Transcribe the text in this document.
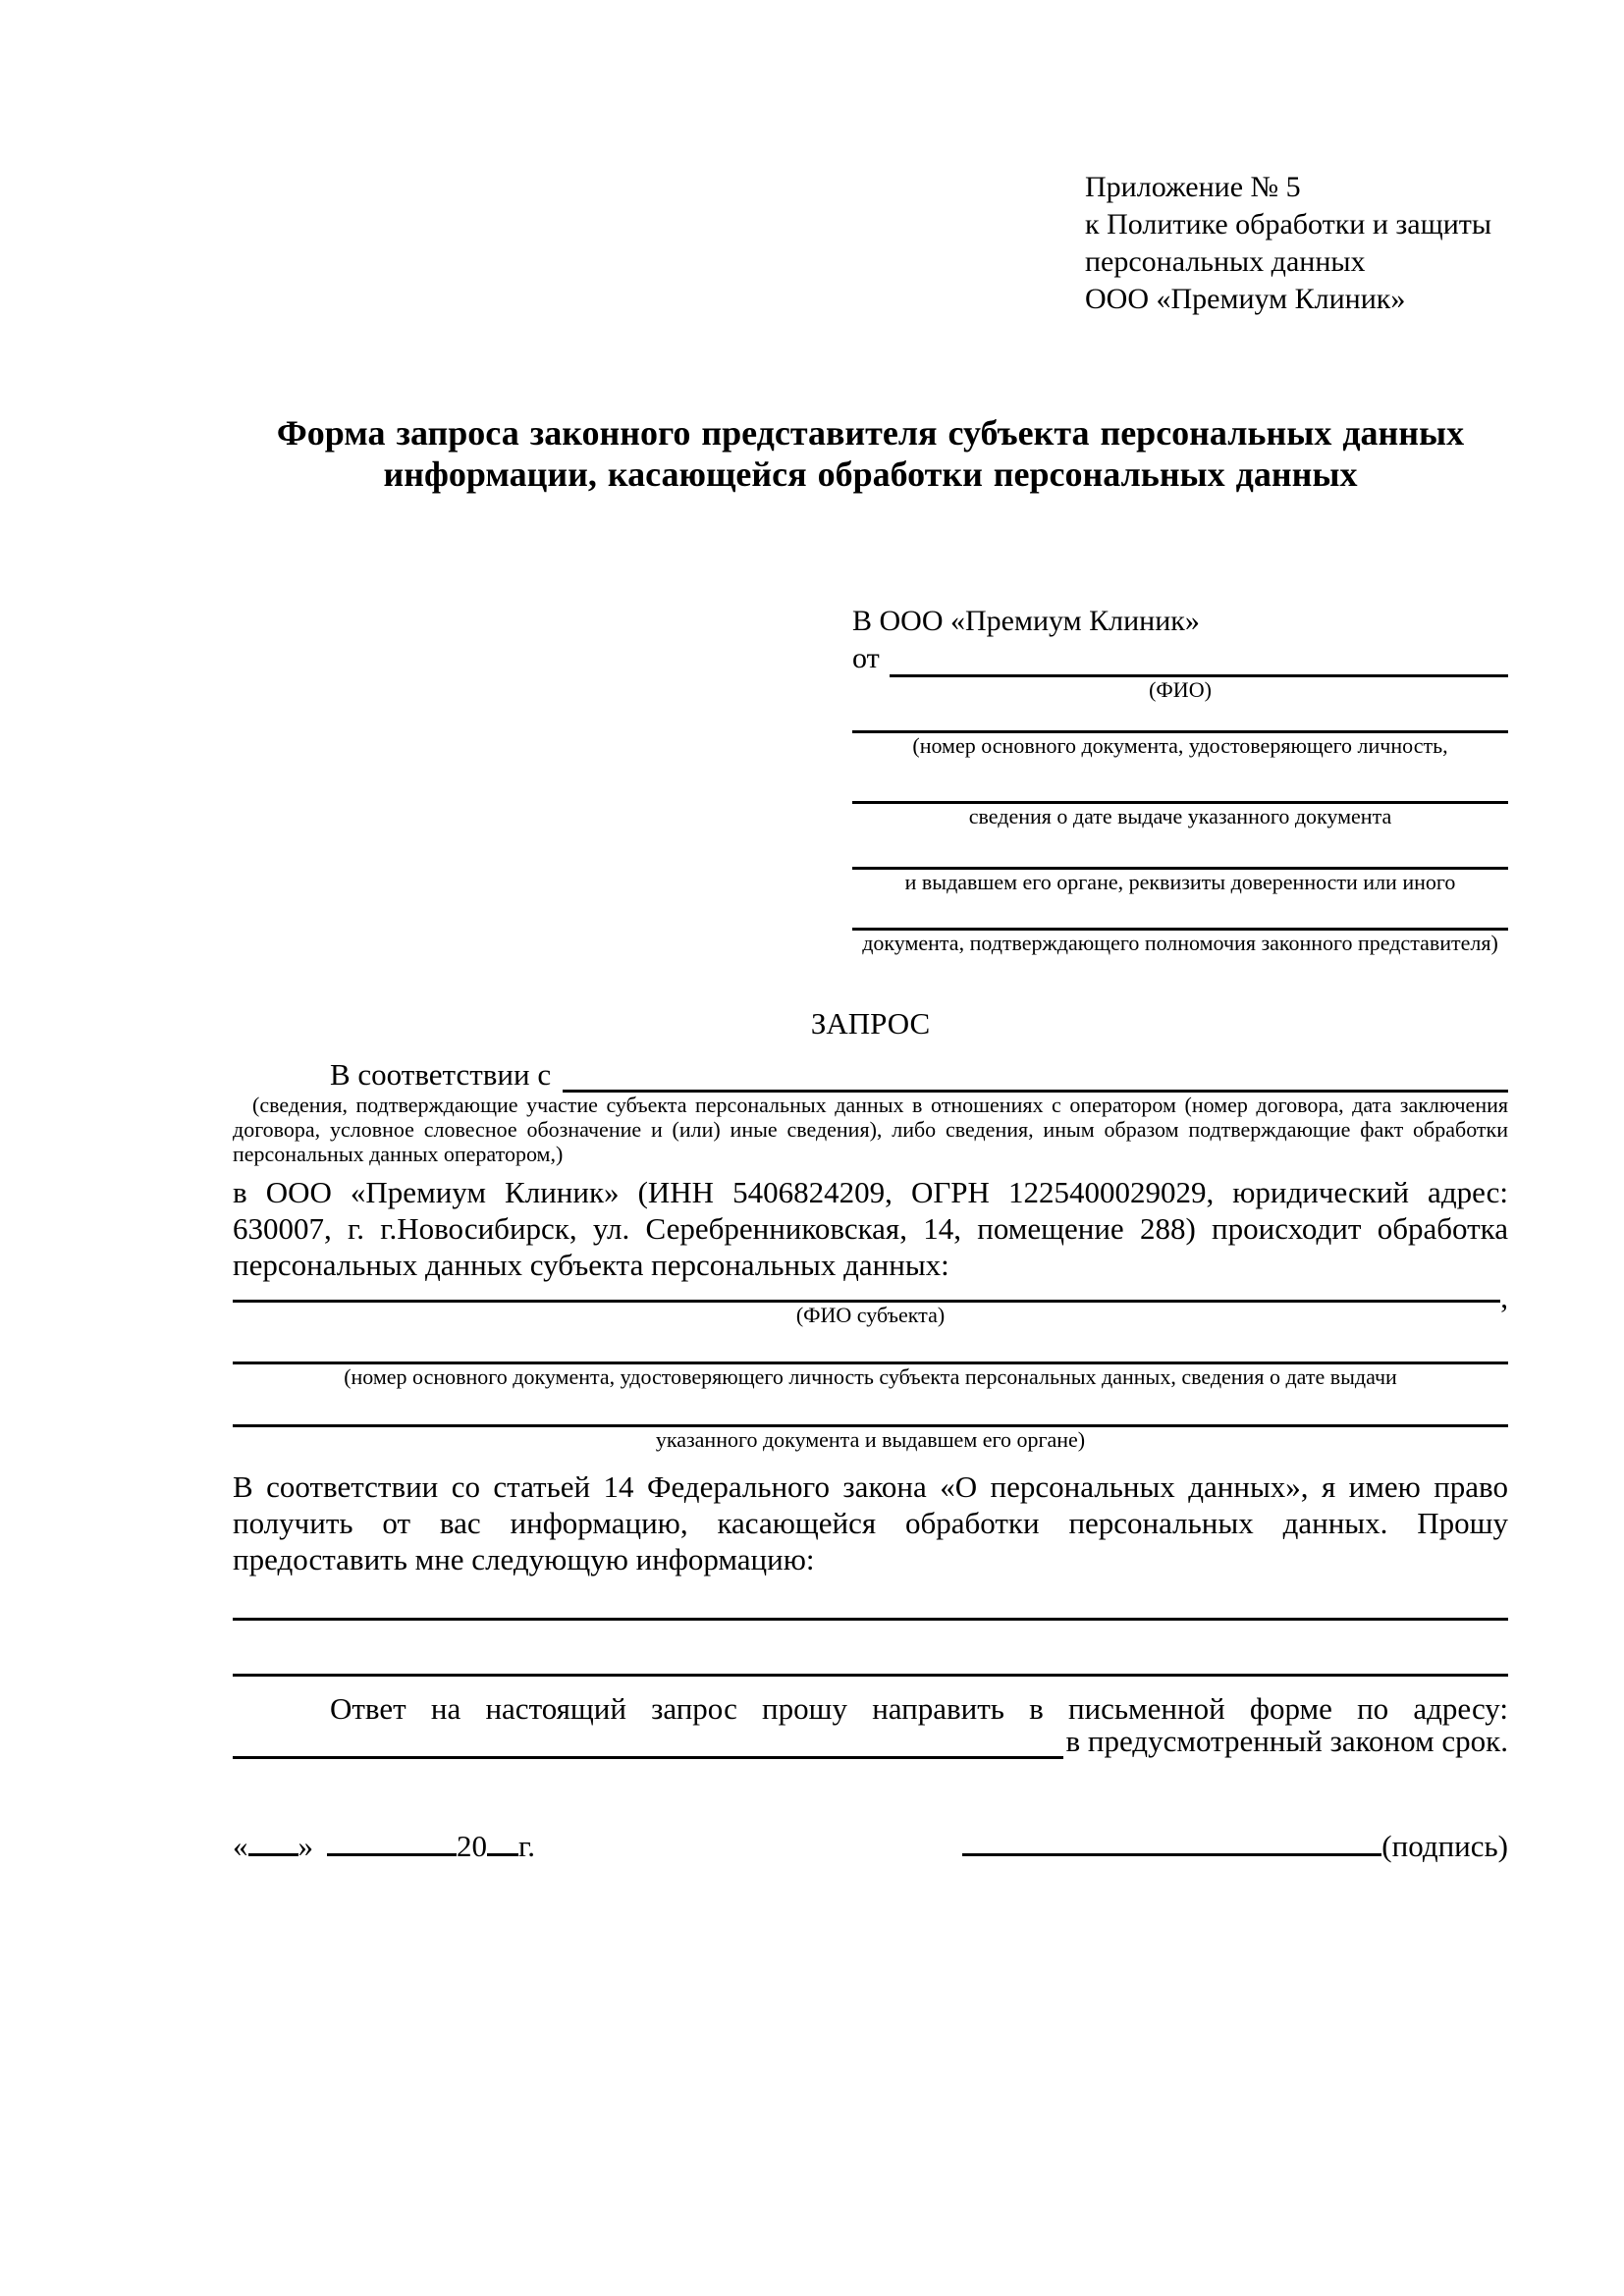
Приложение № 5
к Политике обработки и защиты
персональных данных
ООО «Премиум Клиник»
Форма запроса законного представителя субъекта персональных данных
информации, касающейся обработки персональных данных
В ООО «Премиум Клиник»
от
(ФИО)
(номер основного документа, удостоверяющего личность,
сведения о дате выдаче указанного документа
и выдавшем его органе, реквизиты доверенности или иного
документа, подтверждающего полномочия законного представителя)
ЗАПРОС
В соответствии с
(сведения, подтверждающие участие субъекта персональных данных в отношениях с оператором (номер договора, дата заключения договора, условное словесное обозначение и (или) иные сведения), либо сведения, иным образом подтверждающие факт обработки персональных данных оператором,)
в ООО «Премиум Клиник» (ИНН 5406824209, ОГРН 1225400029029, юридический адрес: 630007, г. г.Новосибирск, ул. Серебренниковская, 14, помещение 288) происходит обработка персональных данных субъекта персональных данных:
,
(ФИО субъекта)
(номер основного документа, удостоверяющего личность субъекта персональных данных, сведения о дате выдачи
указанного документа и выдавшем его органе)
В соответствии со статьей 14 Федерального закона «О персональных данных», я имею право получить от вас информацию, касающейся обработки персональных данных. Прошу предоставить мне следующую информацию:
Ответ на настоящий запрос прошу направить в письменной форме по адресу:
в предусмотренный законом срок.
« »	20 г.	(подпись)
